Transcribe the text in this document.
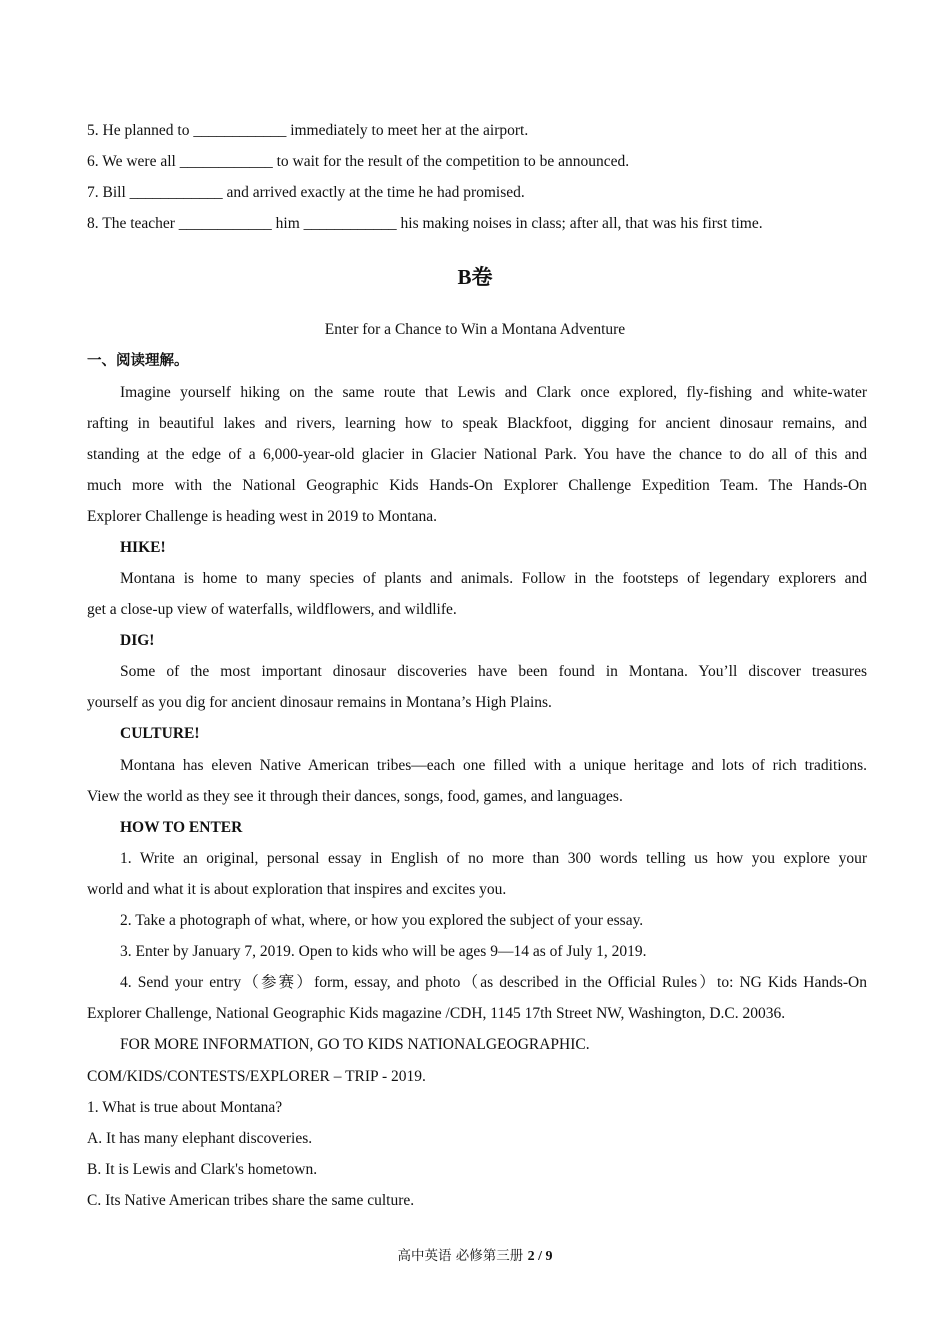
5. He planned to ____________ immediately to meet her at the airport.
6. We were all ____________ to wait for the result of the competition to be announced.
7. Bill ____________ and arrived exactly at the time he had promised.
8. The teacher ____________ him ____________ his making noises in class; after all, that was his first time.
B卷
Enter for a Chance to Win a Montana Adventure
一、阅读理解。
Imagine yourself hiking on the same route that Lewis and Clark once explored, fly-fishing and white-water
rafting in beautiful lakes and rivers, learning how to speak Blackfoot, digging for ancient dinosaur remains, and
standing at the edge of a 6,000-year-old glacier in Glacier National Park. You have the chance to do all of this and
much more with the National Geographic Kids Hands-On Explorer Challenge Expedition Team. The Hands-On
Explorer Challenge is heading west in 2019 to Montana.
HIKE!
Montana is home to many species of plants and animals. Follow in the footsteps of legendary explorers and
get a close-up view of waterfalls, wildflowers, and wildlife.
DIG!
Some of the most important dinosaur discoveries have been found in Montana. You’ll discover treasures
yourself as you dig for ancient dinosaur remains in Montana’s High Plains.
CULTURE!
Montana has eleven Native American tribes―each one filled with a unique heritage and lots of rich traditions.
View the world as they see it through their dances, songs, food, games, and languages.
HOW TO ENTER
1. Write an original, personal essay in English of no more than 300 words telling us how you explore your
world and what it is about exploration that inspires and excites you.
2. Take a photograph of what, where, or how you explored the subject of your essay.
3. Enter by January 7, 2019. Open to kids who will be ages 9—14 as of July 1, 2019.
4. Send your entry（参赛）form, essay, and photo（as described in the Official Rules）to: NG Kids Hands-On
Explorer Challenge, National Geographic Kids magazine /CDH, 1145 17th Street NW, Washington, D.C. 20036.
FOR MORE INFORMATION, GO TO KIDS NATIONALGEOGRAPHIC.
COM/KIDS/CONTESTS/EXPLORER – TRIP - 2019.
1. What is true about Montana?
A. It has many elephant discoveries.
B. It is Lewis and Clark's hometown.
C. Its Native American tribes share the same culture.
高中英语 必修第三册 2 / 9
